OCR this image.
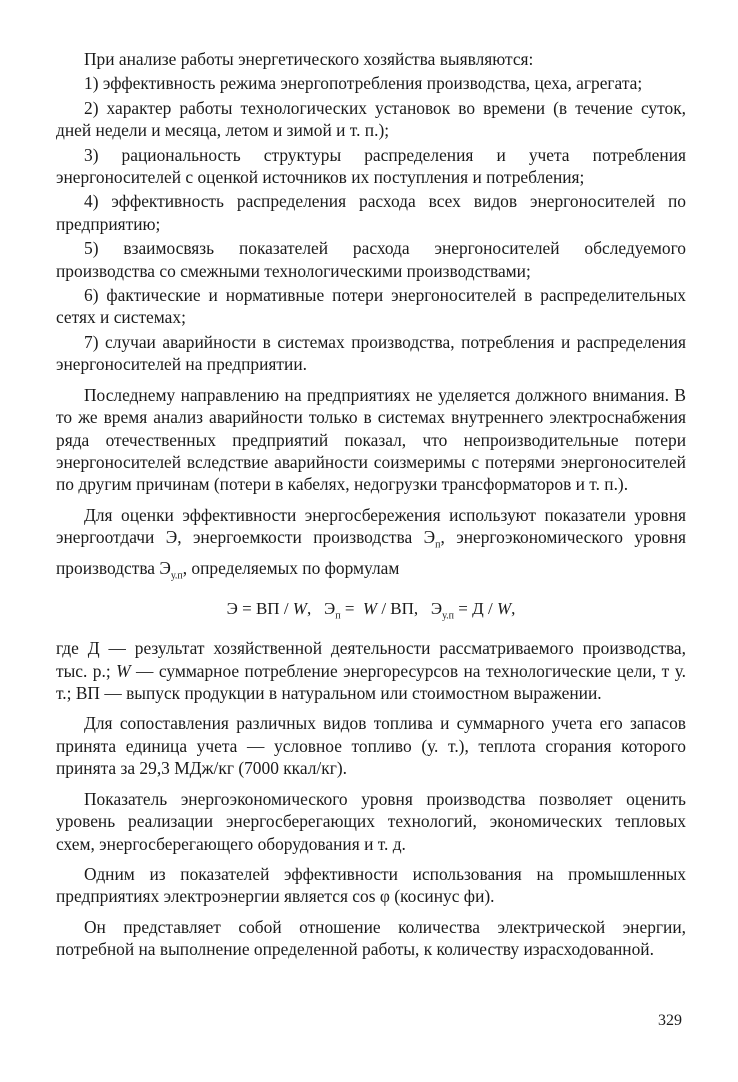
При анализе работы энергетического хозяйства выявляются:

1) эффективность режима энергопотребления производства, цеха, агрегата;

2) характер работы технологических установок во времени (в течение суток, дней недели и месяца, летом и зимой и т. п.);

3) рациональность структуры распределения и учета потребления энергоносителей с оценкой источников их поступления и потребления;

4) эффективность распределения расхода всех видов энергоносителей по предприятию;

5) взаимосвязь показателей расхода энергоносителей обследуемого производства со смежными технологическими производствами;

6) фактические и нормативные потери энергоносителей в распределительных сетях и системах;

7) случаи аварийности в системах производства, потребления и распределения энергоносителей на предприятии.

Последнему направлению на предприятиях не уделяется должного внимания. В то же время анализ аварийности только в системах внутреннего электроснабжения ряда отечественных предприятий показал, что непроизводительные потери энергоносителей вследствие аварийности соизмеримы с потерями энергоносителей по другим причинам (потери в кабелях, недогрузки трансформаторов и т. п.).

Для оценки эффективности энергосбережения используют показатели уровня энергоотдачи Э, энергоемкости производства $Э_п$, энергоэкономического уровня производства $Э_{у.п}$, определяемых по формулам

Э = ВП / W,   $Э_п = W$ / ВП,   $Э_{у.п} = Д / W$,

где Д — результат хозяйственной деятельности рассматриваемого производства, тыс. р.; W — суммарное потребление энергоресурсов на технологические цели, т у. т.; ВП — выпуск продукции в натуральном или стоимостном выражении.

Для сопоставления различных видов топлива и суммарного учета его запасов принята единица учета — условное топливо (у. т.), теплота сгорания которого принята за 29,3 МДж/кг (7000 ккал/кг).

Показатель энергоэкономического уровня производства позволяет оценить уровень реализации энергосберегающих технологий, экономических тепловых схем, энергосберегающего оборудования и т. д.

Одним из показателей эффективности использования на промышленных предприятиях электроэнергии является cos φ (косинус фи).

Он представляет собой отношение количества электрической энергии, потребной на выполнение определенной работы, к количеству израсходованной.

329
